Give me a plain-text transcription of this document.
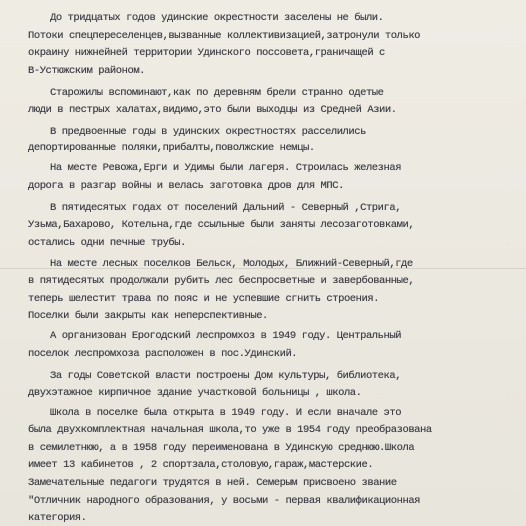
До тридцатых годов удинские окрестности заселены не были.
Потоки спецпереселенцев,вызванные коллективизацией,затронули только
окраину нижнейней территории Удинского поссовета,граничащей с
В-Устюжским районом.
Старожилы вспоминают,как по деревням брели странно одетые
люди в пестрых халатах,видимо,это были выходцы из Средней Азии.
В предвоенные годы в удинских окрестностях расселились
депортированные поляки,прибалты,поволжские немцы.
На месте Ревожа,Ерги и Удимы были лагеря. Строилась железная
дорога в разгар войны и велась заготовка дров для МПС.
В пятидесятых годах от поселений Дальний - Северный ,Стрига,
Узьма,Бахарово, Котельна,где ссыльные были заняты лесозаготовками,
остались одни печные трубы.
На месте лесных поселков Бельск, Молодых, Ближний-Северный,где
в пятидесятых продолжали рубить лес беспросветные и завербованные,
теперь шелестит трава по пояс и не успевшие сгнить строения.
Поселки были закрыты как неперспективные.
А организован Ерогодский леспромхоз в 1949 году. Центральный
поселок леспромхоза расположен в пос.Удинский.
За годы Советской власти построены Дом культуры, библиотека,
двухэтажное кирпичное здание участковой больницы , школа.
Школа в поселке была открыта в 1949 году. И если вначале это
была двухкомплектная начальная школа,то уже в 1954 году преобразована
в семилетнюю, а в 1958 году переименована в Удинскую среднюю.Школа
имеет 13 кабинетов , 2 спортзала,столовую,гараж,мастерские.
Замечательные педагоги трудятся в ней. Семерым присвоено звание
"Отличник народного образования, у восьми - первая квалификационная
категория.
